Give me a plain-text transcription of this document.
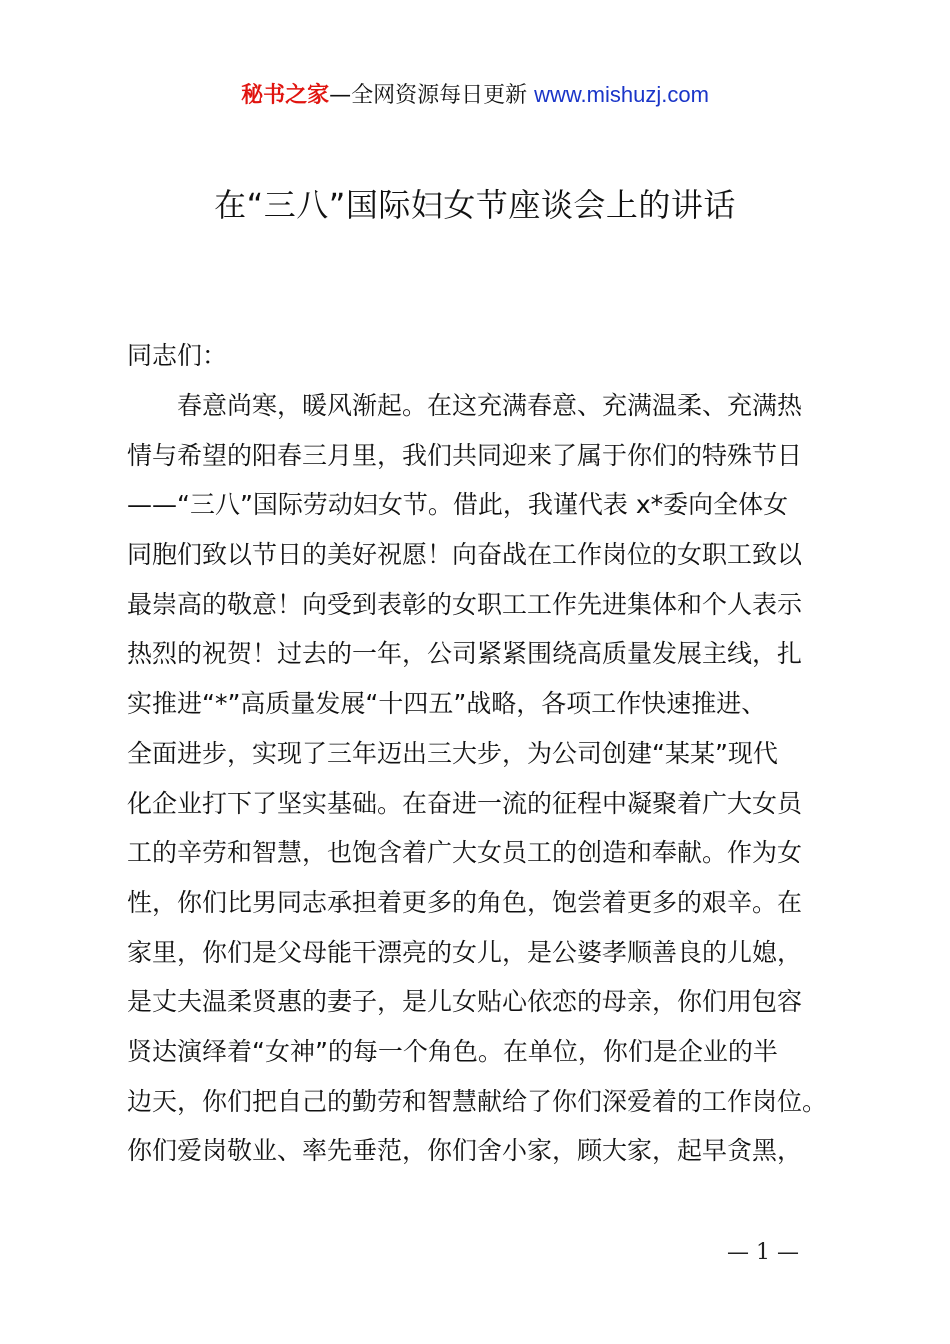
秘书之家—全网资源每日更新 www.mishuzj.com
在“三八”国际妇女节座谈会上的讲话

同志们：

春意尚寒，暖风渐起。在这充满春意、充满温柔、充满热
情与希望的阳春三月里，我们共同迎来了属于你们的特殊节日
——“三八”国际劳动妇女节。借此，我谨代表 x*委向全体女
同胞们致以节日的美好祝愿！向奋战在工作岗位的女职工致以
最崇高的敬意！向受到表彰的女职工工作先进集体和个人表示
热烈的祝贺！过去的一年，公司紧紧围绕高质量发展主线，扎
实推进“*”高质量发展“十四五”战略，各项工作快速推进、
全面进步，实现了三年迈出三大步，为公司创建“某某”现代
化企业打下了坚实基础。在奋进一流的征程中凝聚着广大女员
工的辛劳和智慧，也饱含着广大女员工的创造和奉献。作为女
性，你们比男同志承担着更多的角色，饱尝着更多的艰辛。在
家里，你们是父母能干漂亮的女儿，是公婆孝顺善良的儿媳，
是丈夫温柔贤惠的妻子，是儿女贴心依恋的母亲，你们用包容
贤达演绎着“女神”的每一个角色。在单位，你们是企业的半
边天，你们把自己的勤劳和智慧献给了你们深爱着的工作岗位。
你们爱岗敬业、率先垂范，你们舍小家，顾大家，起早贪黑，
— 1 —
